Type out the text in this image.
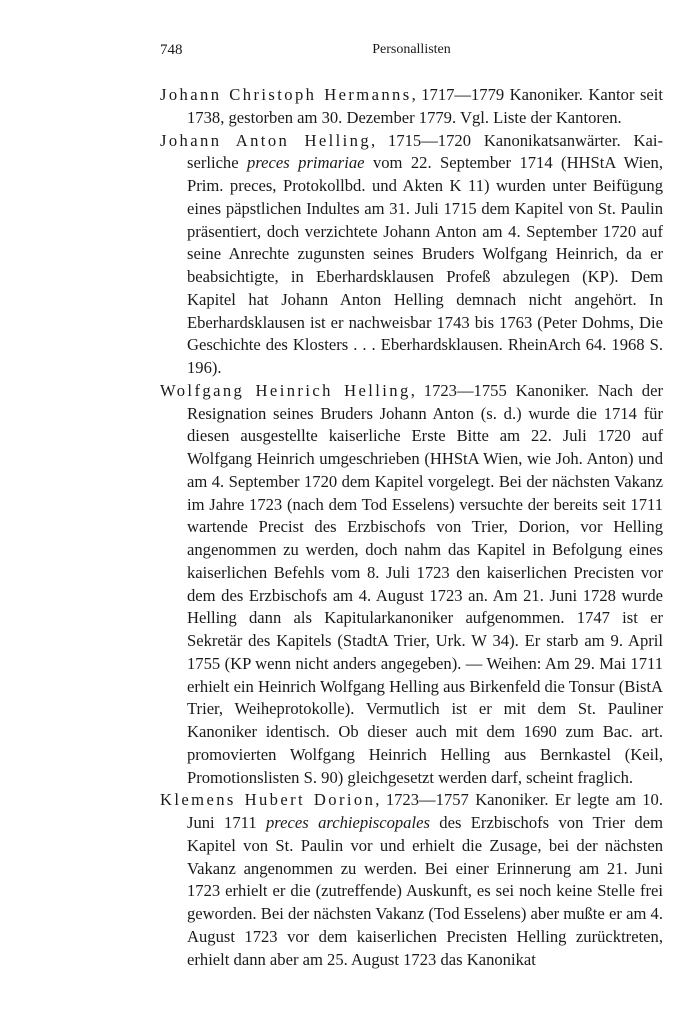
748	Personallisten

Johann Christoph Hermanns, 1717—1779 Kanoniker. Kantor seit 1738, gestorben am 30. Dezember 1779. Vgl. Liste der Kantoren.

Johann Anton Helling, 1715—1720 Kanonikatsanwärter. Kaiserliche preces primariae vom 22. September 1714 (HHStA Wien, Prim. preces, Protokollbd. und Akten K 11) wurden unter Beifügung eines päpstlichen Indultes am 31. Juli 1715 dem Kapitel von St. Paulin präsentiert, doch verzichtete Johann Anton am 4. September 1720 auf seine Anrechte zugunsten seines Bruders Wolfgang Heinrich, da er beabsichtigte, in Eberhardsklausen Profeß abzulegen (KP). Dem Kapitel hat Johann Anton Helling demnach nicht angehört. In Eberhardsklausen ist er nachweisbar 1743 bis 1763 (Peter Dohms, Die Geschichte des Klosters . . . Eberhardsklausen. RheinArch 64. 1968 S. 196).

Wolfgang Heinrich Helling, 1723—1755 Kanoniker. Nach der Resignation seines Bruders Johann Anton (s. d.) wurde die 1714 für diesen ausgestellte kaiserliche Erste Bitte am 22. Juli 1720 auf Wolfgang Heinrich umgeschrieben (HHStA Wien, wie Joh. Anton) und am 4. September 1720 dem Kapitel vorgelegt. Bei der nächsten Vakanz im Jahre 1723 (nach dem Tod Esselens) versuchte der bereits seit 1711 wartende Precist des Erzbischofs von Trier, Dorion, vor Helling angenommen zu werden, doch nahm das Kapitel in Befolgung eines kaiserlichen Befehls vom 8. Juli 1723 den kaiserlichen Precisten vor dem des Erzbischofs am 4. August 1723 an. Am 21. Juni 1728 wurde Helling dann als Kapitularkanoniker aufgenommen. 1747 ist er Sekretär des Kapitels (StadtA Trier, Urk. W 34). Er starb am 9. April 1755 (KP wenn nicht anders angegeben). — Weihen: Am 29. Mai 1711 erhielt ein Heinrich Wolfgang Helling aus Birkenfeld die Tonsur (BistA Trier, Weiheprotokolle). Vermutlich ist er mit dem St. Pauliner Kanoniker identisch. Ob dieser auch mit dem 1690 zum Bac. art. promovierten Wolfgang Heinrich Helling aus Bernkastel (Keil, Promotionslisten S. 90) gleichgesetzt werden darf, scheint fraglich.

Klemens Hubert Dorion, 1723—1757 Kanoniker. Er legte am 10. Juni 1711 preces archiepiscopales des Erzbischofs von Trier dem Kapitel von St. Paulin vor und erhielt die Zusage, bei der nächsten Vakanz angenommen zu werden. Bei einer Erinnerung am 21. Juni 1723 erhielt er die (zutreffende) Auskunft, es sei noch keine Stelle frei geworden. Bei der nächsten Vakanz (Tod Esselens) aber mußte er am 4. August 1723 vor dem kaiserlichen Precisten Helling zurücktreten, erhielt dann aber am 25. August 1723 das Kanonikat
